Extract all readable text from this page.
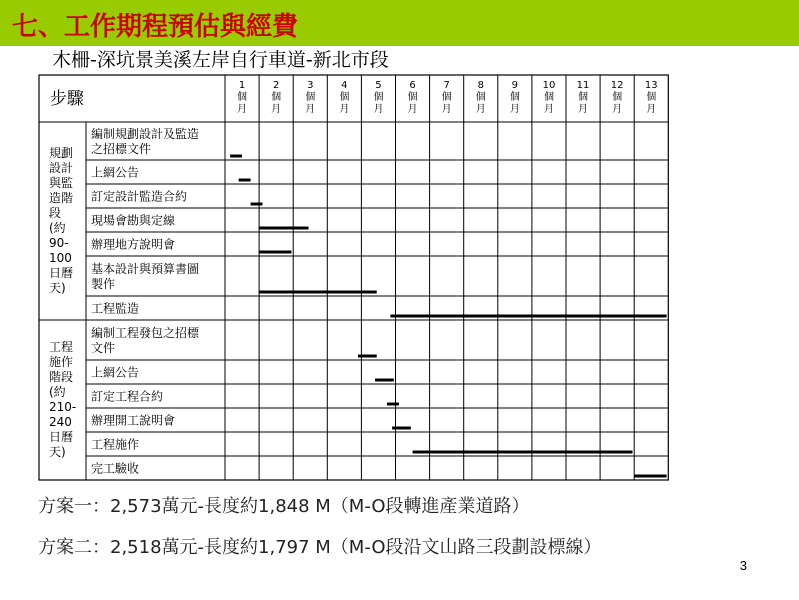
七、工作期程預估與經費
木柵-深坑景美溪左岸自行車道-新北市段
步驟
1
個
月
2
個
月
3
個
月
4
個
月
5
個
月
6
個
月
7
個
月
8
個
月
9
個
月
10
個
月
11
個
月
12
個
月
13
個
月
規劃
設計
與監
造階
段
(約
90-
100
日曆
天)
工程
施作
階段
(約
210-
240
日曆
天)
編制規劃設計及監造
之招標文件
上網公告
訂定設計監造合約
現場會勘與定線
辦理地方說明會
基本設計與預算書圖
製作
工程監造
編制工程發包之招標
文件
上網公告
訂定工程合約
辦理開工說明會
工程施作
完工驗收
方案一：2,573萬元-長度約1,848 M（M-O段轉進產業道路）
方案二：2,518萬元-長度約1,797 M（M-O段沿文山路三段劃設標線）
3
